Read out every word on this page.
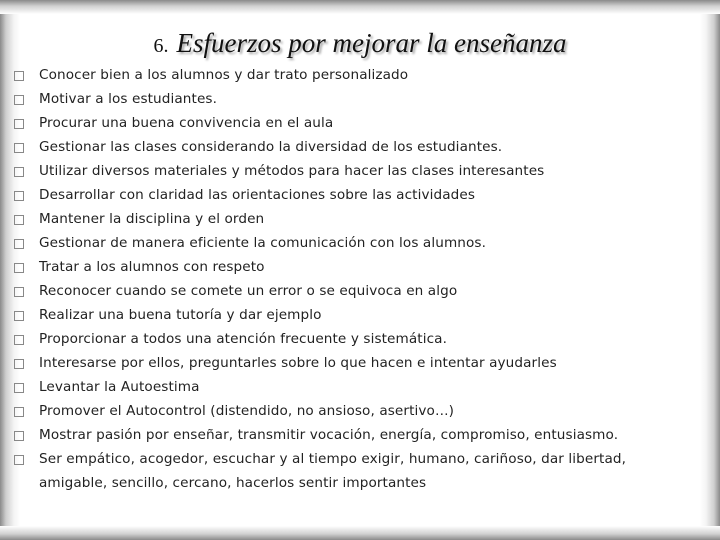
6. Esfuerzos por mejorar la enseñanza
Conocer bien a los alumnos y dar trato personalizado
Motivar a los estudiantes.
Procurar una buena convivencia en el aula
Gestionar las clases considerando la diversidad de los estudiantes.
Utilizar diversos materiales y métodos para hacer las clases interesantes
Desarrollar con claridad las orientaciones sobre las actividades
Mantener la disciplina y el orden
Gestionar de manera eficiente la comunicación con los alumnos.
Tratar a los alumnos con respeto
Reconocer cuando se comete un error o se equivoca en algo
Realizar una buena tutoría y dar ejemplo
Proporcionar a todos una atención frecuente y sistemática.
Interesarse por ellos, preguntarles sobre lo que hacen e intentar ayudarles
Levantar la Autoestima
Promover el Autocontrol (distendido, no ansioso, asertivo…)
Mostrar pasión por enseñar, transmitir vocación, energía, compromiso, entusiasmo.
Ser empático, acogedor, escuchar y al tiempo exigir, humano, cariñoso, dar libertad, amigable, sencillo, cercano, hacerlos sentir importantes
